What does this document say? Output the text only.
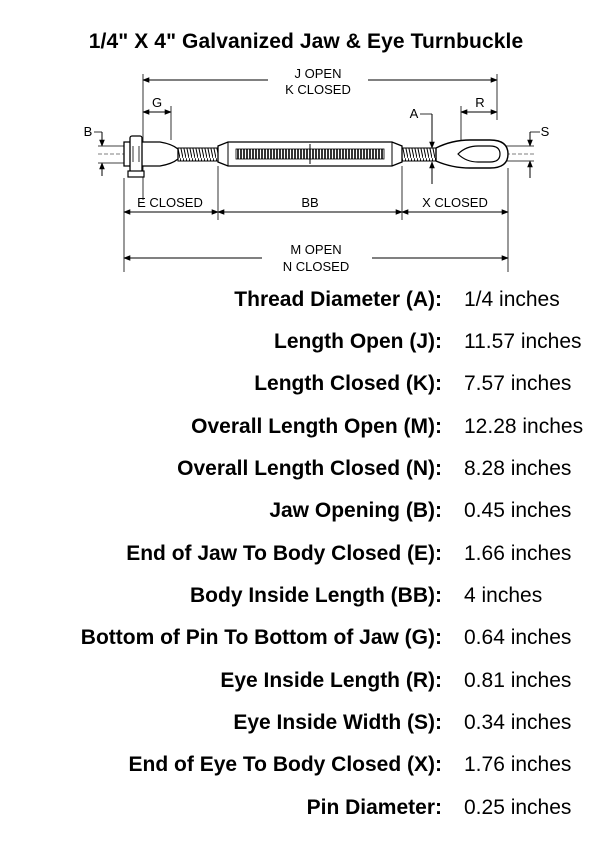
1/4" X 4" Galvanized Jaw & Eye Turnbuckle
J OPEN
K CLOSED
G
B
A
R
S
E CLOSED	BB	X CLOSED
M OPEN
N CLOSED
Thread Diameter (A): 1/4 inches
Length Open (J): 11.57 inches
Length Closed (K): 7.57 inches
Overall Length Open (M): 12.28 inches
Overall Length Closed (N): 8.28 inches
Jaw Opening (B): 0.45 inches
End of Jaw To Body Closed (E): 1.66 inches
Body Inside Length (BB): 4 inches
Bottom of Pin To Bottom of Jaw (G): 0.64 inches
Eye Inside Length (R): 0.81 inches
Eye Inside Width (S): 0.34 inches
End of Eye To Body Closed (X): 1.76 inches
Pin Diameter: 0.25 inches
